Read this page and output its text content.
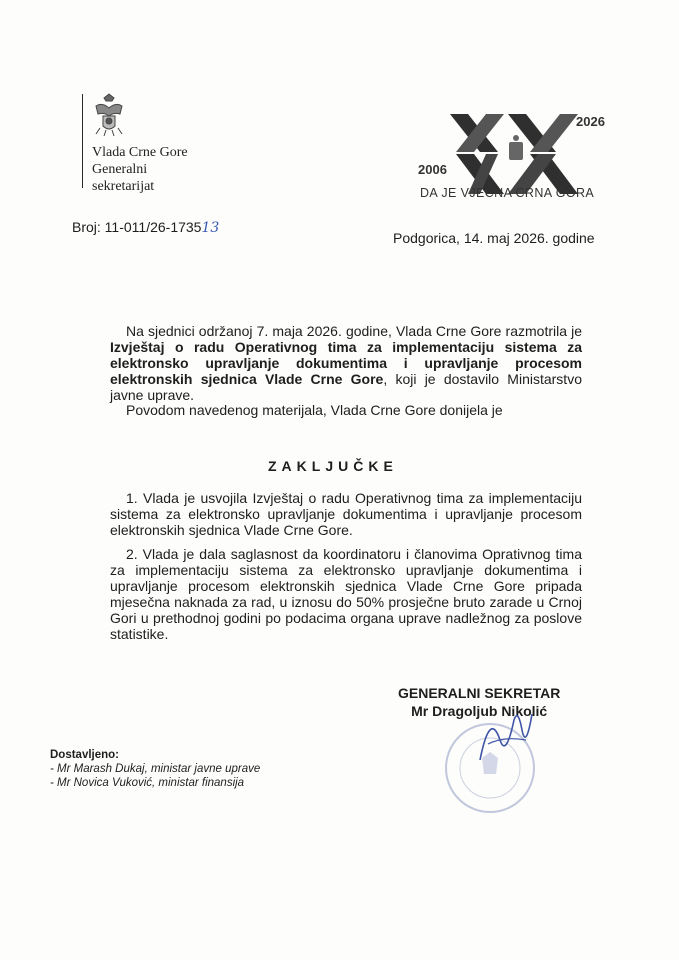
Vlada Crne Gore
Generalni
sekretarijat
2006
2026
DA JE VJEČNA CRNA GORA
Broj: 11-011/26-173513
Podgorica, 14. maj 2026. godine
Na sjednici održanoj 7. maja 2026. godine, Vlada Crne Gore razmotrila je Izvještaj o radu Operativnog tima za implementaciju sistema za elektronsko upravljanje dokumentima i upravljanje procesom elektronskih sjednica Vlade Crne Gore, koji je dostavilo Ministarstvo javne uprave.
Povodom navedenog materijala, Vlada Crne Gore donijela je
ZAKLJUČKE
1. Vlada je usvojila Izvještaj o radu Operativnog tima za implementaciju sistema za elektronsko upravljanje dokumentima i upravljanje procesom elektronskih sjednica Vlade Crne Gore.
2. Vlada je dala saglasnost da koordinatoru i članovima Oprativnog tima za implementaciju sistema za elektronsko upravljanje dokumentima i upravljanje procesom elektronskih sjednica Vlade Crne Gore pripada mjesečna naknada za rad, u iznosu do 50% prosječne bruto zarade u Crnoj Gori u prethodnoj godini po podacima organa uprave nadležnog za poslove statistike.
GENERALNI SEKRETAR
Mr Dragoljub Nikolić
Dostavljeno:
- Mr Marash Dukaj, ministar javne uprave
- Mr Novica Vuković, ministar finansija
